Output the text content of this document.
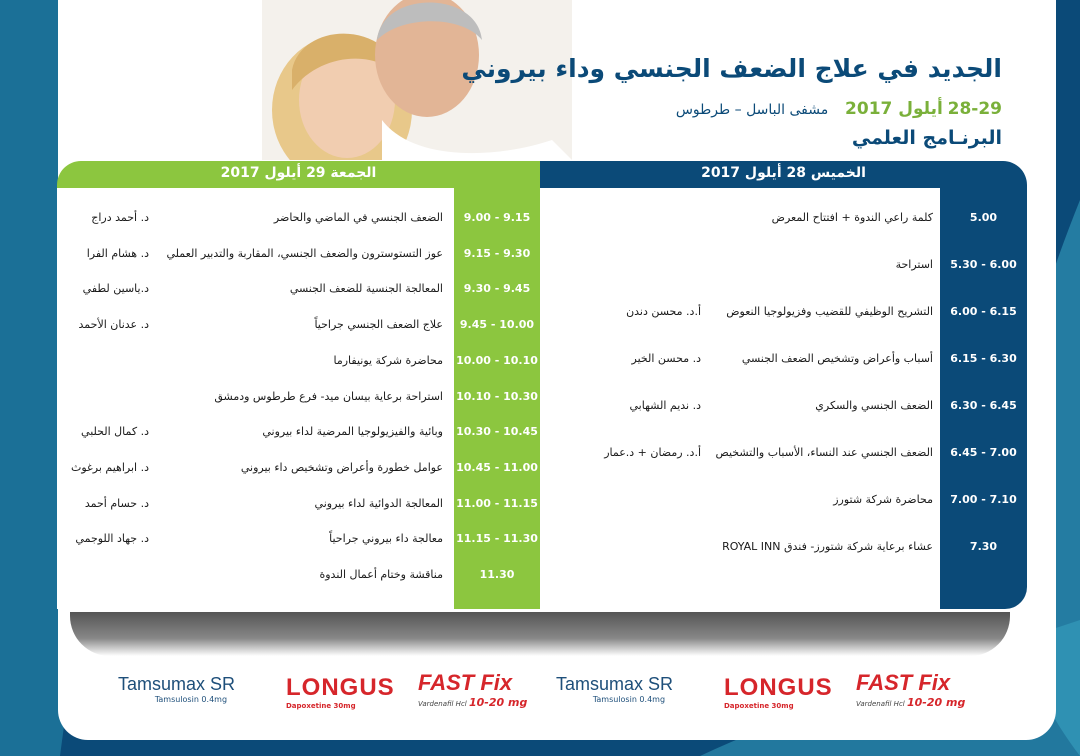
الجديد في علاج الضعف الجنسي وداء بيروني
28-29 أيلول 2017 مشفى الباسل – طرطوس
البرنـامج العلمي
الجمعة 29 أيلول 2017	الخميس 28 أيلول 2017
5.00
كلمة راعي الندوة + افتتاح المعرض
5.30 - 6.00
استراحة
6.00 - 6.15
التشريح الوظيفي للقضيب وفزيولوجيا النعوض
أ.د. محسن دندن
6.15 - 6.30
أسباب وأعراض وتشخيص الضعف الجنسي
د. محسن الخير
6.30 - 6.45
الضعف الجنسي والسكري
د. نديم الشهابي
6.45 - 7.00
الضعف الجنسي عند النساء، الأسباب والتشخيص
أ.د. رمضان + د.عمار
7.00 - 7.10
محاضرة شركة شتورز
7.30
عشاء برعاية شركة شتورز- فندق ROYAL INN
9.00 - 9.15
الضعف الجنسي في الماضي والحاضر
د. أحمد دراج
9.15 - 9.30
عوز التستوسترون والضعف الجنسي، المقاربة والتدبير العملي
د. هشام الفرا
9.30 - 9.45
المعالجة الجنسية للضعف الجنسي
د.ياسين لطفي
9.45 - 10.00
علاج الضعف الجنسي جراحياً
د. عدنان الأحمد
10.00 - 10.10
محاضرة شركة يونيفارما
10.10 - 10.30
استراحة برعاية بيسان ميد- فرع طرطوس ودمشق
10.30 - 10.45
وبائية والفيزيولوجيا المرضية لداء بيروني
د. كمال الحلبي
10.45 - 11.00
عوامل خطورة وأعراض وتشخيص داء بيروني
د. ابراهيم برغوث
11.00 - 11.15
المعالجة الدوائية لداء بيروني
د. حسام أحمد
11.15 - 11.30
معالجة داء بيروني جراحياً
د. جهاد اللوجمي
11.30
مناقشة وختام أعمال الندوة
Tamsumax SR
Tamsulosin 0.4mg LONGUS
Dapoxetine 30mg
FAST Fix
Vardenafil Hcl 10-20 mg
Tamsumax SR
Tamsulosin 0.4mg LONGUS
Dapoxetine 30mg
FAST Fix
Vardenafil Hcl 10-20 mg
